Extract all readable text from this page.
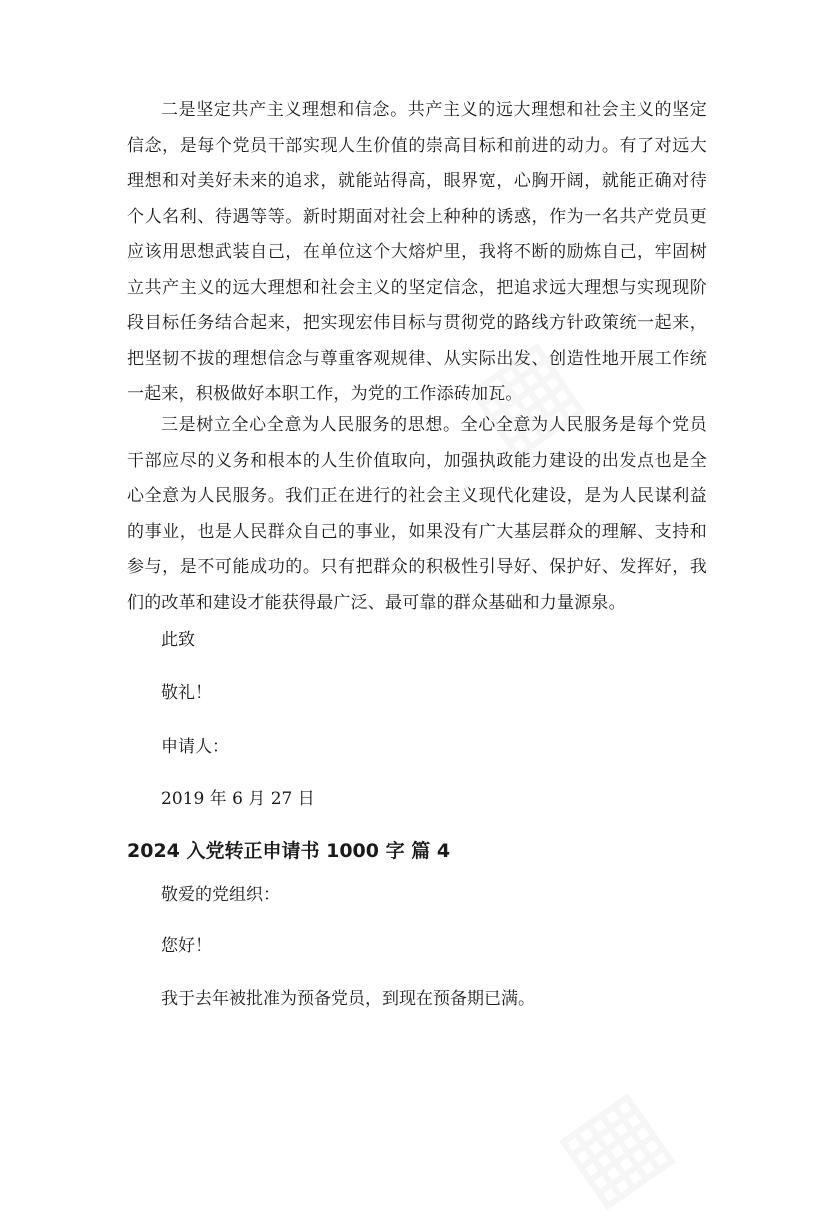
二是坚定共产主义理想和信念。共产主义的远大理想和社会主义的坚定信念，是每个党员干部实现人生价值的崇高目标和前进的动力。有了对远大理想和对美好未来的追求，就能站得高，眼界宽，心胸开阔，就能正确对待个人名利、待遇等等。新时期面对社会上种种的诱惑，作为一名共产党员更应该用思想武装自己，在单位这个大熔炉里，我将不断的励炼自己，牢固树立共产主义的远大理想和社会主义的坚定信念，把追求远大理想与实现现阶段目标任务结合起来，把实现宏伟目标与贯彻党的路线方针政策统一起来，把坚韧不拔的理想信念与尊重客观规律、从实际出发、创造性地开展工作统一起来，积极做好本职工作，为党的工作添砖加瓦。

三是树立全心全意为人民服务的思想。全心全意为人民服务是每个党员干部应尽的义务和根本的人生价值取向，加强执政能力建设的出发点也是全心全意为人民服务。我们正在进行的社会主义现代化建设，是为人民谋利益的事业，也是人民群众自己的事业，如果没有广大基层群众的理解、支持和参与，是不可能成功的。只有把群众的积极性引导好、保护好、发挥好，我们的改革和建设才能获得最广泛、最可靠的群众基础和力量源泉。

此致

敬礼！

申请人：

2019 年 6 月 27 日

2024 入党转正申请书 1000 字 篇 4

敬爱的党组织：

您好！

我于去年被批准为预备党员，到现在预备期已满。
